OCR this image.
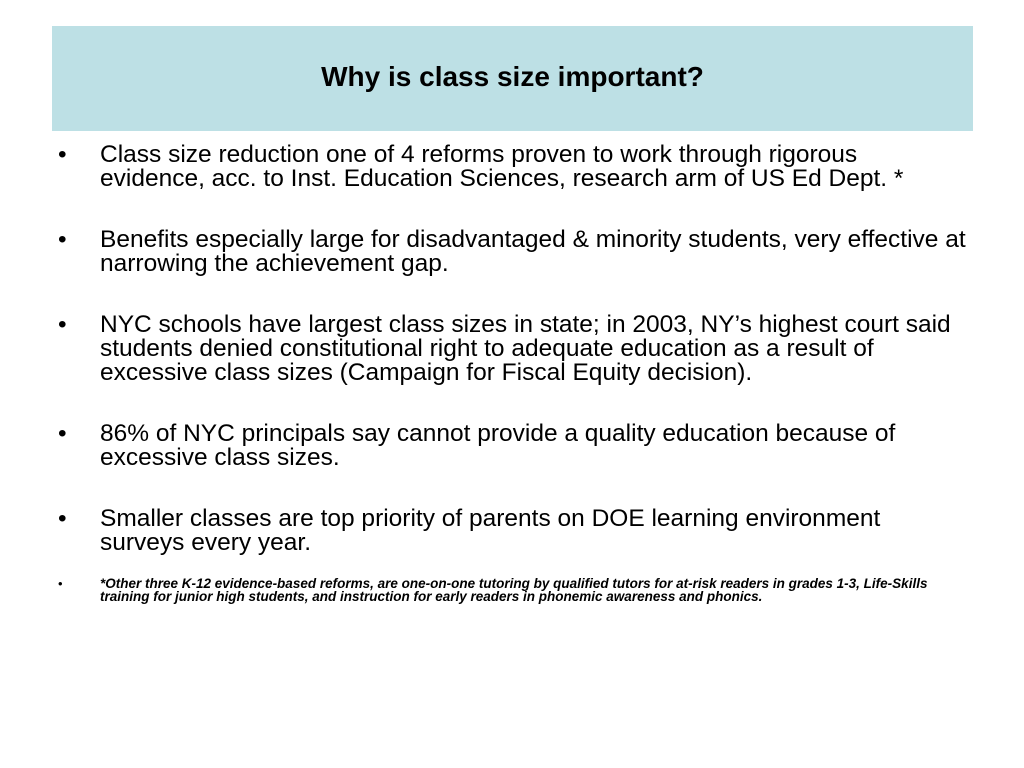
Why is class size important?
•	Class size reduction one of 4 reforms proven to work through rigorous evidence, acc. to Inst. Education Sciences, research arm of US Ed Dept. *
•	Benefits especially large for disadvantaged & minority students, very effective at narrowing the achievement gap.
•	NYC schools have largest class sizes in state; in 2003, NY’s highest court said students denied constitutional right to adequate education as a result of excessive class sizes (Campaign for Fiscal Equity decision).
•	86% of NYC principals say cannot provide a quality education because of excessive class sizes.
•	Smaller classes are top priority of parents on DOE learning environment surveys every year.
•	*Other three K-12 evidence-based reforms, are one-on-one tutoring by qualified tutors for at-risk readers in grades 1-3, Life-Skills training for junior high students, and instruction for early readers in phonemic awareness and phonics.
